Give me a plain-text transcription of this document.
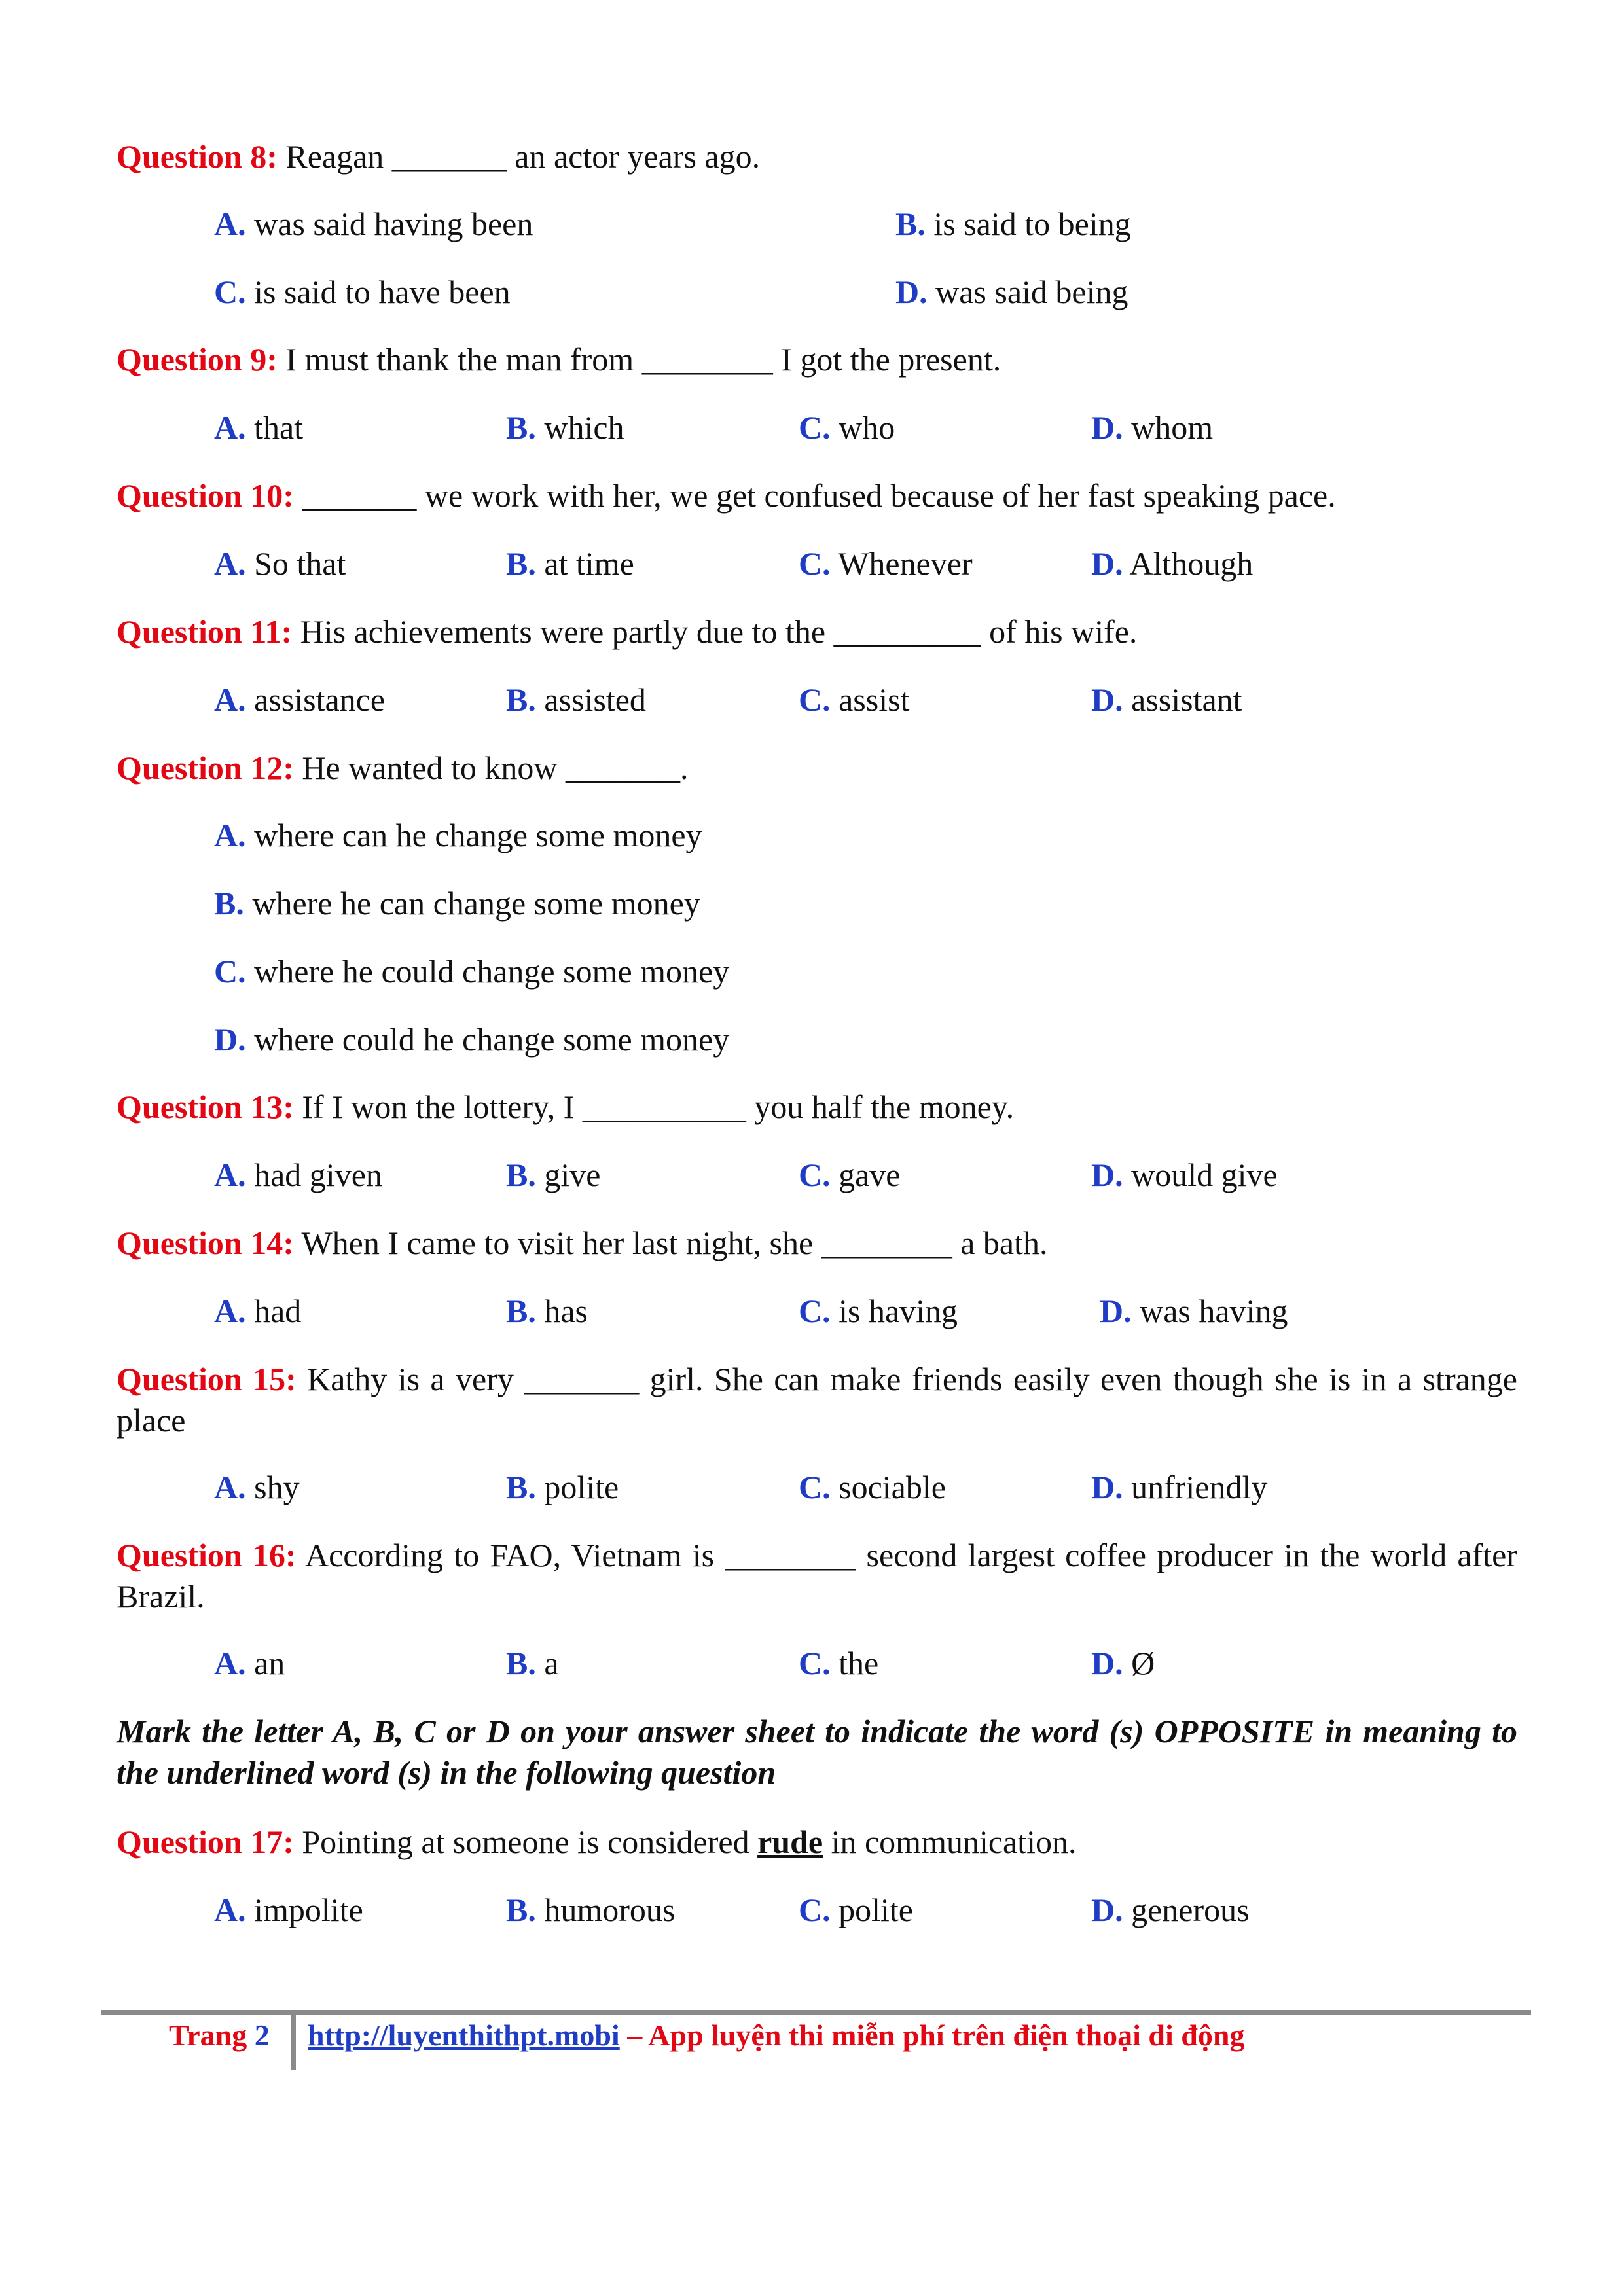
Question 8: Reagan _______ an actor years ago.
A. was said having been	B. is said to being
C. is said to have been	D. was said being
Question 9: I must thank the man from ________ I got the present.
A. that	B. which	C. who	D. whom
Question 10: _______ we work with her, we get confused because of her fast speaking pace.
A. So that	B. at time	C. Whenever	D. Although
Question 11: His achievements were partly due to the _________ of his wife.
A. assistance	B. assisted	C. assist	D. assistant
Question 12: He wanted to know _______.
A. where can he change some money
B. where he can change some money
C. where he could change some money
D. where could he change some money
Question 13: If I won the lottery, I __________ you half the money.
A. had given	B. give	C. gave	D. would give
Question 14: When I came to visit her last night, she ________ a bath.
A. had	B. has	C. is having	D. was having
Question 15: Kathy is a very _______ girl. She can make friends easily even though she is in a strange place
A. shy	B. polite	C. sociable	D. unfriendly
Question 16: According to FAO, Vietnam is ________ second largest coffee producer in the world after Brazil.
A. an	B. a	C. the	D. Ø
Mark the letter A, B, C or D on your answer sheet to indicate the word (s) OPPOSITE in meaning to the underlined word (s) in the following question
Question 17: Pointing at someone is considered rude in communication.
A. impolite	B. humorous	C. polite	D. generous
Trang 2 http://luyenthithpt.mobi – App luyện thi miễn phí trên điện thoại di động
